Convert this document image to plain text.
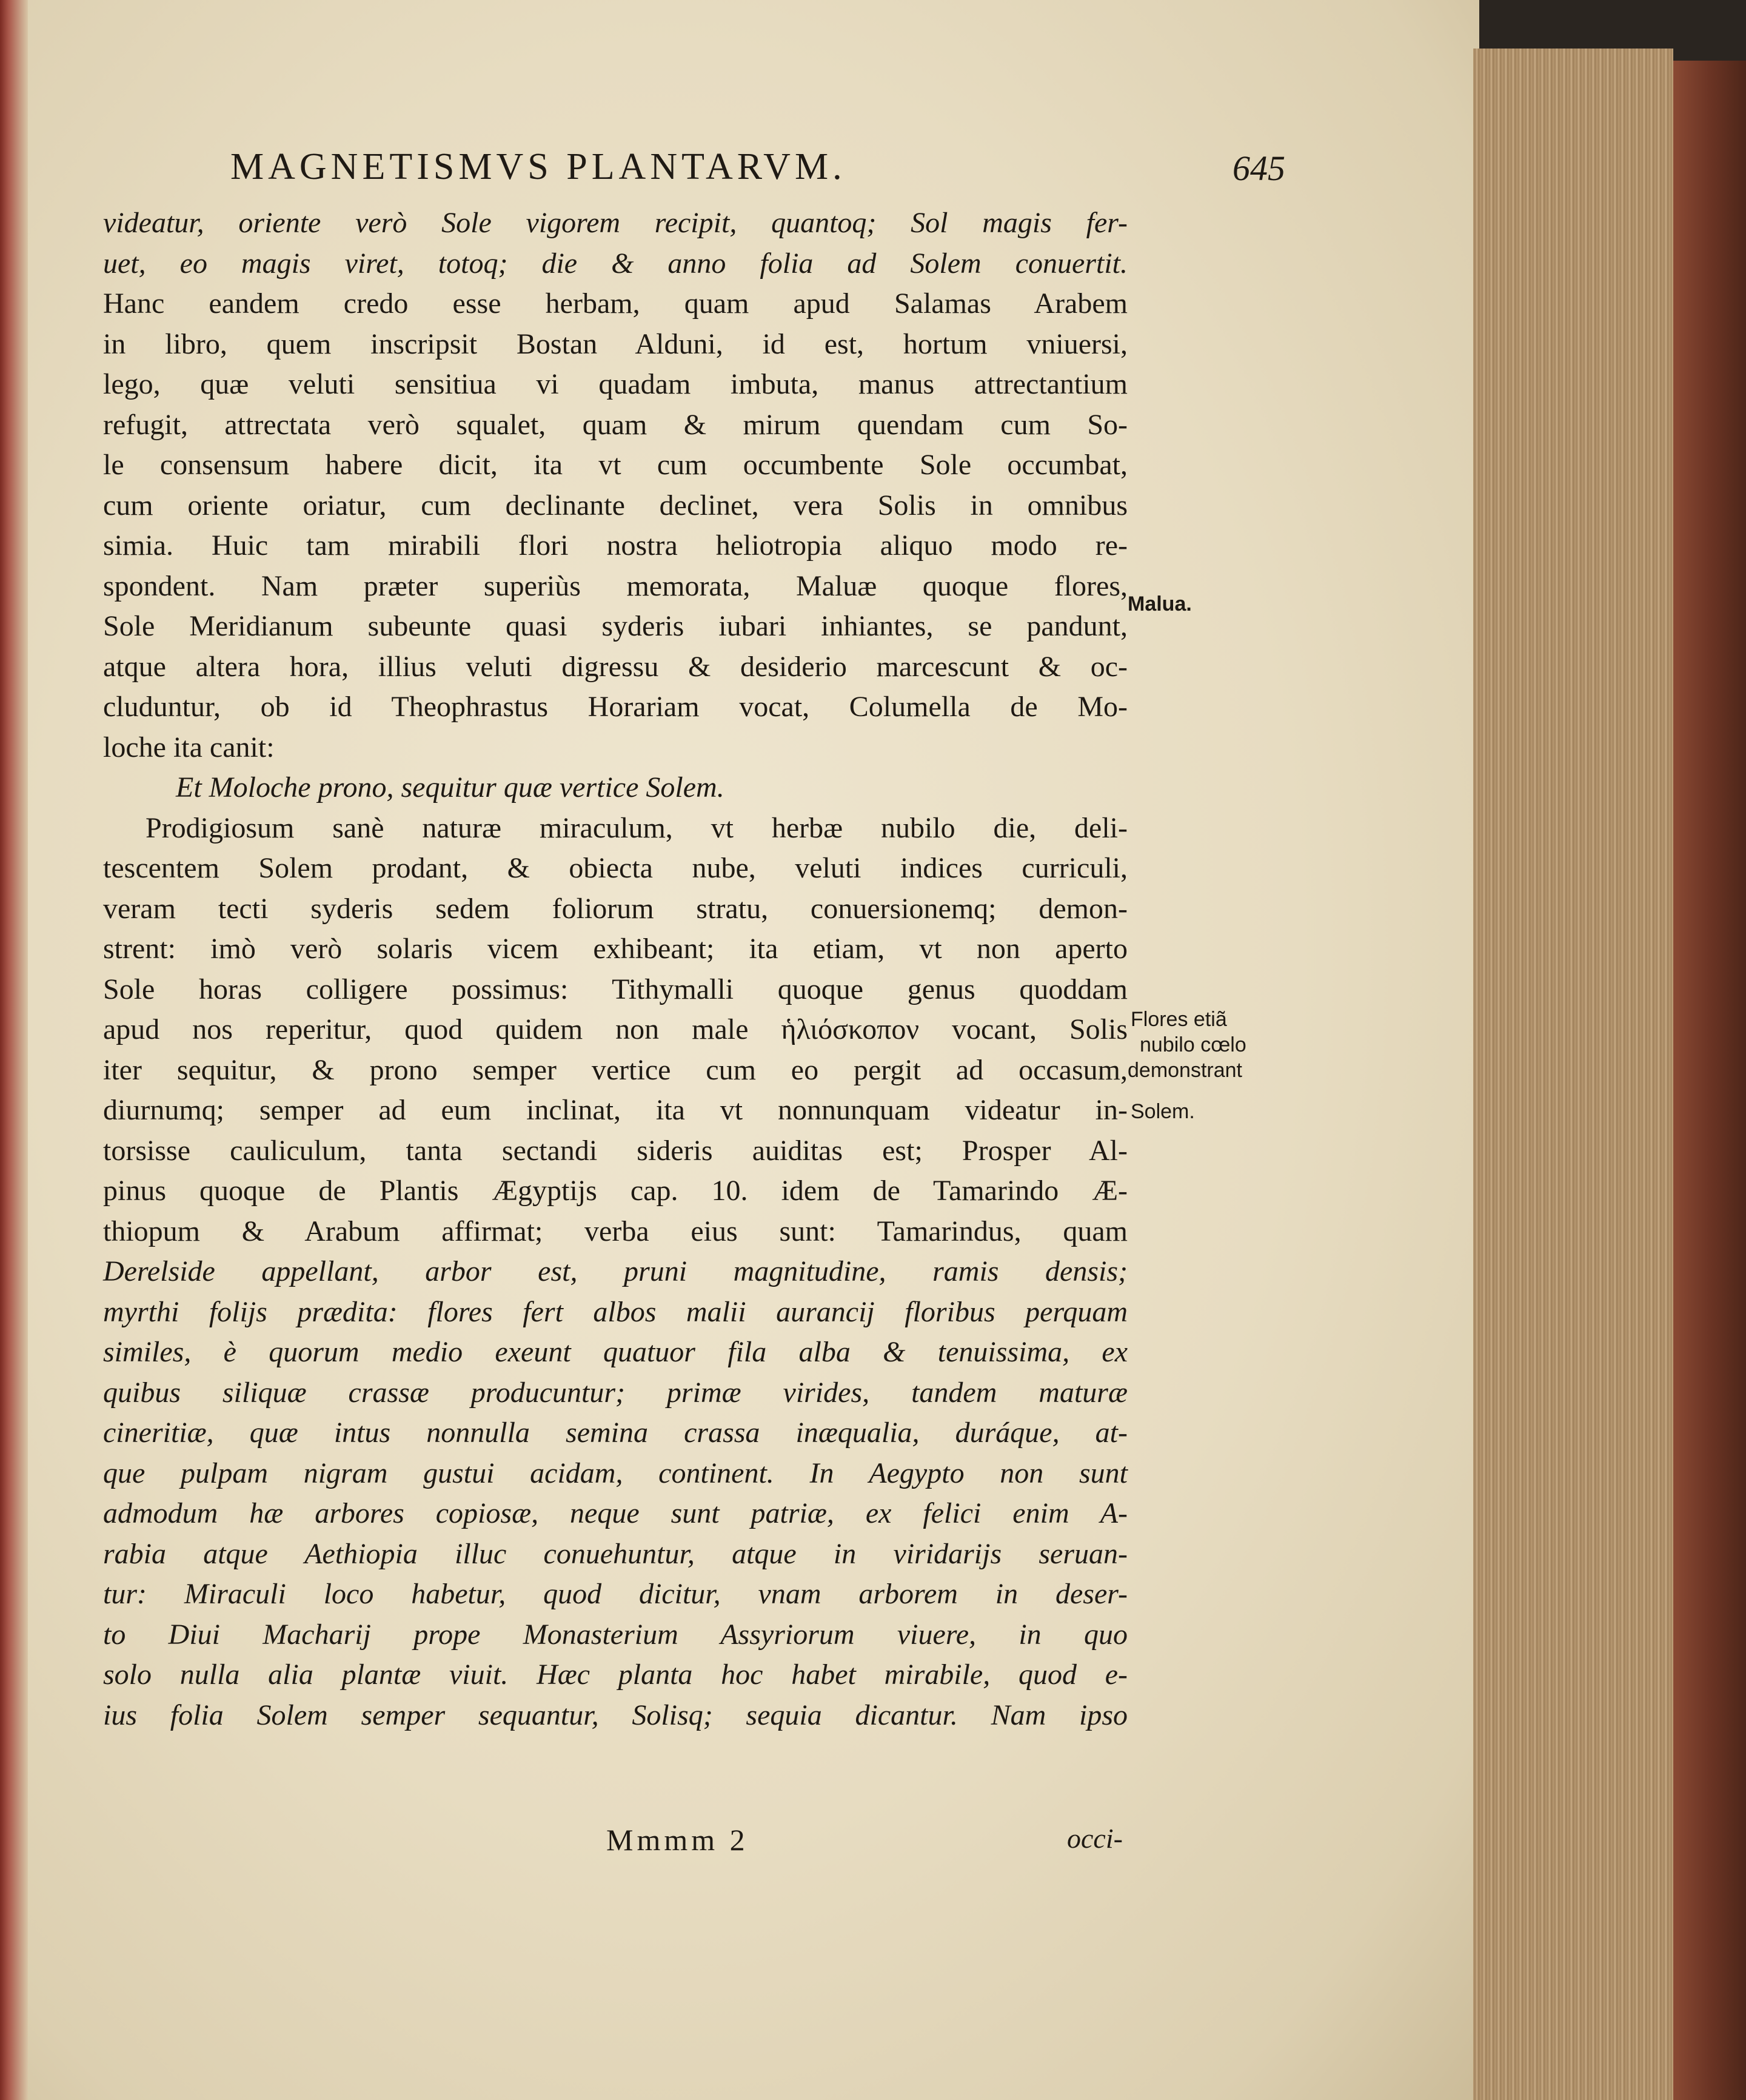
MAGNETISMVS PLANTARVM.	645
videatur, oriente verò Sole vigorem recipit, quantoq; Sol magis fer-
uet, eo magis viret, totoq; die & anno folia ad Solem conuertit.
Hanc eandem credo esse herbam, quam apud Salamas Arabem
in libro, quem inscripsit Bostan Alduni, id est, hortum vniuersi,
lego, quæ veluti sensitiua vi quadam imbuta, manus attrectantium
refugit, attrectata verò squalet, quam & mirum quendam cum So-
le consensum habere dicit, ita vt cum occumbente Sole occumbat,
cum oriente oriatur, cum declinante declinet, vera Solis in omnibus
simia. Huic tam mirabili flori nostra heliotropia aliquo modo re-
spondent. Nam præter superiùs memorata, Maluæ quoque flores,
Sole Meridianum subeunte quasi syderis iubari inhiantes, se pandunt,
atque altera hora, illius veluti digressu & desiderio marcescunt & oc-
cluduntur, ob id Theophrastus Horariam vocat, Columella de Mo-
loche ita canit:
Et Moloche prono, sequitur quæ vertice Solem.
Prodigiosum sanè naturæ miraculum, vt herbæ nubilo die, deli-
tescentem Solem prodant, & obiecta nube, veluti indices curriculi,
veram tecti syderis sedem foliorum stratu, conuersionemq; demon-
strent: imò verò solaris vicem exhibeant; ita etiam, vt non aperto
Sole horas colligere possimus: Tithymalli quoque genus quoddam
apud nos reperitur, quod quidem non male ἡλιόσκοπον vocant, Solis
iter sequitur, & prono semper vertice cum eo pergit ad occasum,
diurnumq; semper ad eum inclinat, ita vt nonnunquam videatur in-
torsisse cauliculum, tanta sectandi sideris auiditas est; Prosper Al-
pinus quoque de Plantis Ægyptijs cap. 10. idem de Tamarindo Æ-
thiopum & Arabum affirmat; verba eius sunt: Tamarindus, quam
Derelside appellant, arbor est, pruni magnitudine, ramis densis;
myrthi folijs prædita: flores fert albos malii aurancij floribus perquam
similes, è quorum medio exeunt quatuor fila alba & tenuissima, ex
quibus siliquæ crassæ producuntur; primæ virides, tandem maturæ
cineritiæ, quæ intus nonnulla semina crassa inæqualia, duráque, at-
que pulpam nigram gustui acidam, continent. In Aegypto non sunt
admodum hæ arbores copiosæ, neque sunt patriæ, ex felici enim A-
rabia atque Aethiopia illuc conuehuntur, atque in viridarijs seruan-
tur: Miraculi loco habetur, quod dicitur, vnam arborem in deser-
to Diui Macharij prope Monasterium Assyriorum viuere, in quo
solo nulla alia plantæ viuit. Hæc planta hoc habet mirabile, quod e-
ius folia Solem semper sequantur, Solisq; sequia dicantur. Nam ipso
Malua.
Flores etiã
nubilo cœlo
demonstrant
Solem.
Mmmm 2	occi-
